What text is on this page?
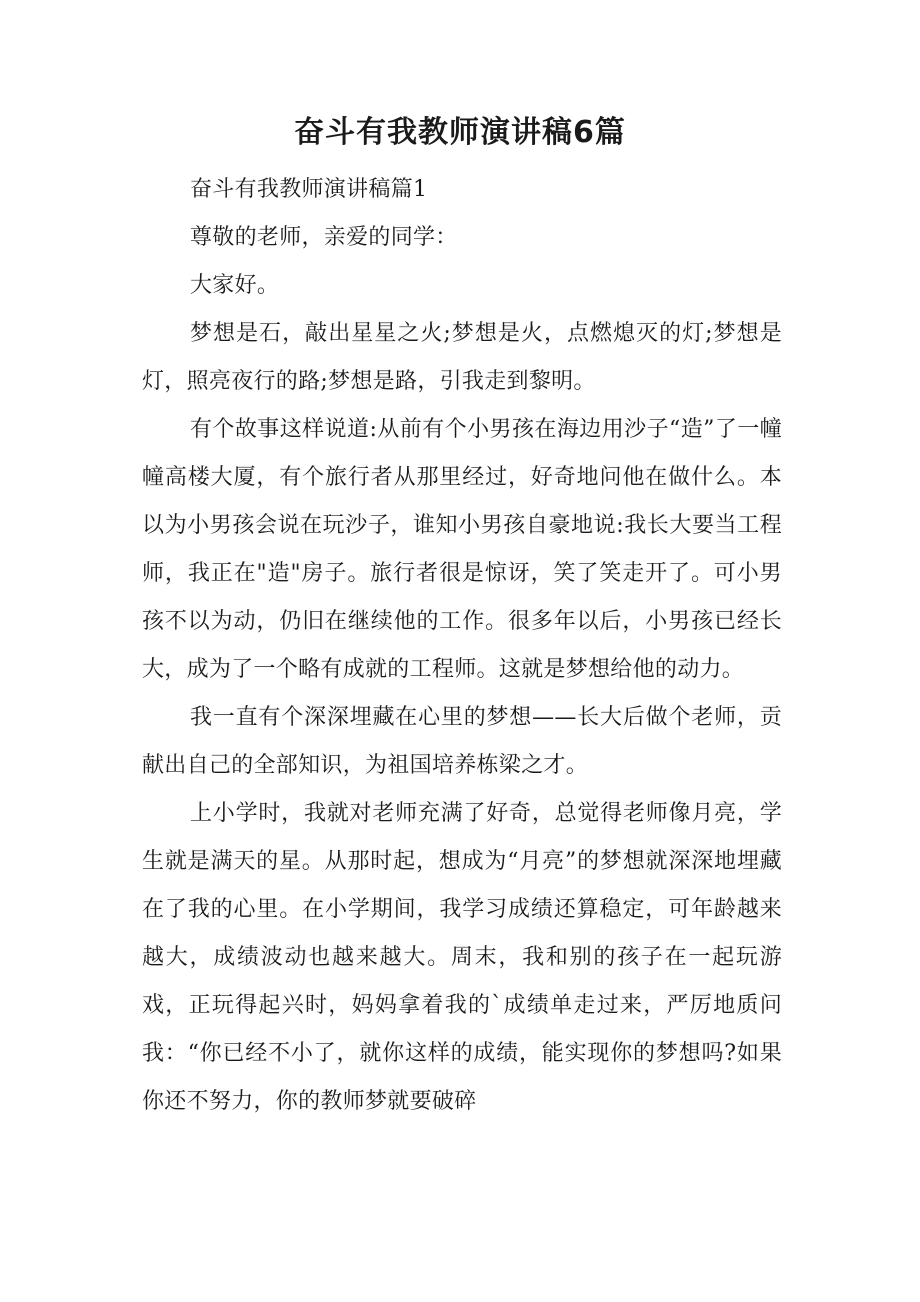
奋斗有我教师演讲稿6篇

奋斗有我教师演讲稿篇1

尊敬的老师，亲爱的同学：

大家好。

梦想是石，敲出星星之火;梦想是火，点燃熄灭的灯;梦想是灯，照亮夜行的路;梦想是路，引我走到黎明。

有个故事这样说道:从前有个小男孩在海边用沙子“造”了一幢幢高楼大厦，有个旅行者从那里经过，好奇地问他在做什么。本以为小男孩会说在玩沙子，谁知小男孩自豪地说:我长大要当工程师，我正在"造"房子。旅行者很是惊讶，笑了笑走开了。可小男孩不以为动，仍旧在继续他的工作。很多年以后，小男孩已经长大，成为了一个略有成就的工程师。这就是梦想给他的动力。

我一直有个深深埋藏在心里的梦想——长大后做个老师，贡献出自己的全部知识，为祖国培养栋梁之才。

上小学时，我就对老师充满了好奇，总觉得老师像月亮，学生就是满天的星。从那时起，想成为“月亮”的梦想就深深地埋藏在了我的心里。在小学期间，我学习成绩还算稳定，可年龄越来越大，成绩波动也越来越大。周末，我和别的孩子在一起玩游戏，正玩得起兴时，妈妈拿着我的`成绩单走过来，严厉地质问我：“你已经不小了，就你这样的成绩，能实现你的梦想吗?如果你还不努力，你的教师梦就要破碎
